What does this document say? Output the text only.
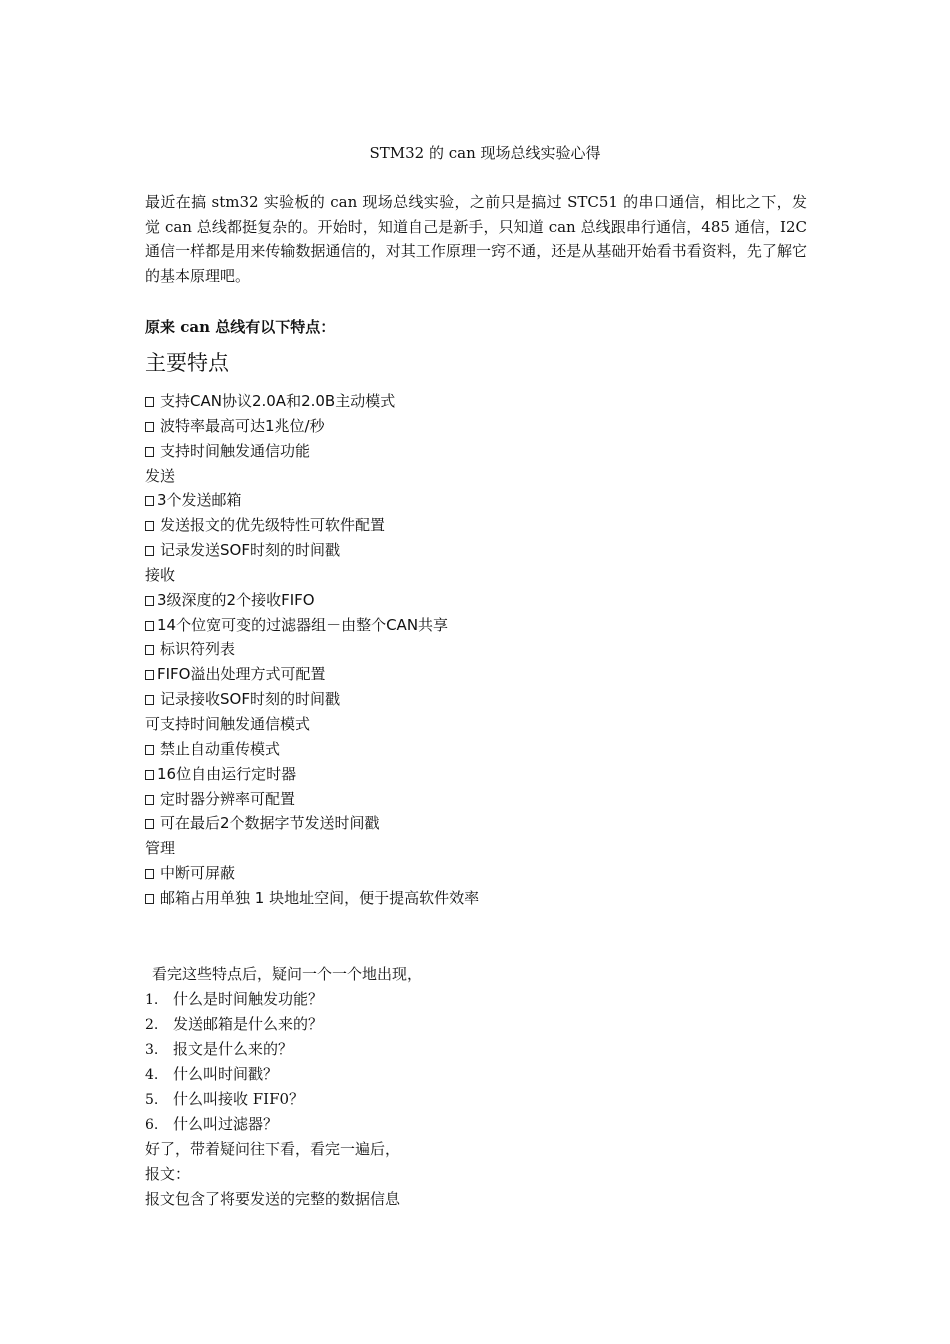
STM32 的 can 现场总线实验心得
最近在搞 stm32 实验板的 can 现场总线实验，之前只是搞过 STC51 的串口通信，相比之下，发觉 can 总线都挺复杂的。开始时，知道自己是新手，只知道 can 总线跟串行通信，485 通信，I2C 通信一样都是用来传输数据通信的，对其工作原理一窍不通，还是从基础开始看书看资料，先了解它的基本原理吧。
原来 can 总线有以下特点：
主要特点
支持CAN协议2.0A和2.0B主动模式
波特率最高可达1兆位/秒
支持时间触发通信功能
发送
3个发送邮箱
发送报文的优先级特性可软件配置
记录发送SOF时刻的时间戳
接收
3级深度的2个接收FIFO
14个位宽可变的过滤器组－由整个CAN共享
标识符列表
FIFO溢出处理方式可配置
记录接收SOF时刻的时间戳
可支持时间触发通信模式
禁止自动重传模式
16位自由运行定时器
定时器分辨率可配置
可在最后2个数据字节发送时间戳
管理
中断可屏蔽
邮箱占用单独 1 块地址空间，便于提高软件效率
看完这些特点后，疑问一个一个地出现，
1. 什么是时间触发功能？
2. 发送邮箱是什么来的？
3. 报文是什么来的？
4. 什么叫时间戳？
5. 什么叫接收 FIF0？
6. 什么叫过滤器？
好了，带着疑问往下看，看完一遍后，
报文：
报文包含了将要发送的完整的数据信息
